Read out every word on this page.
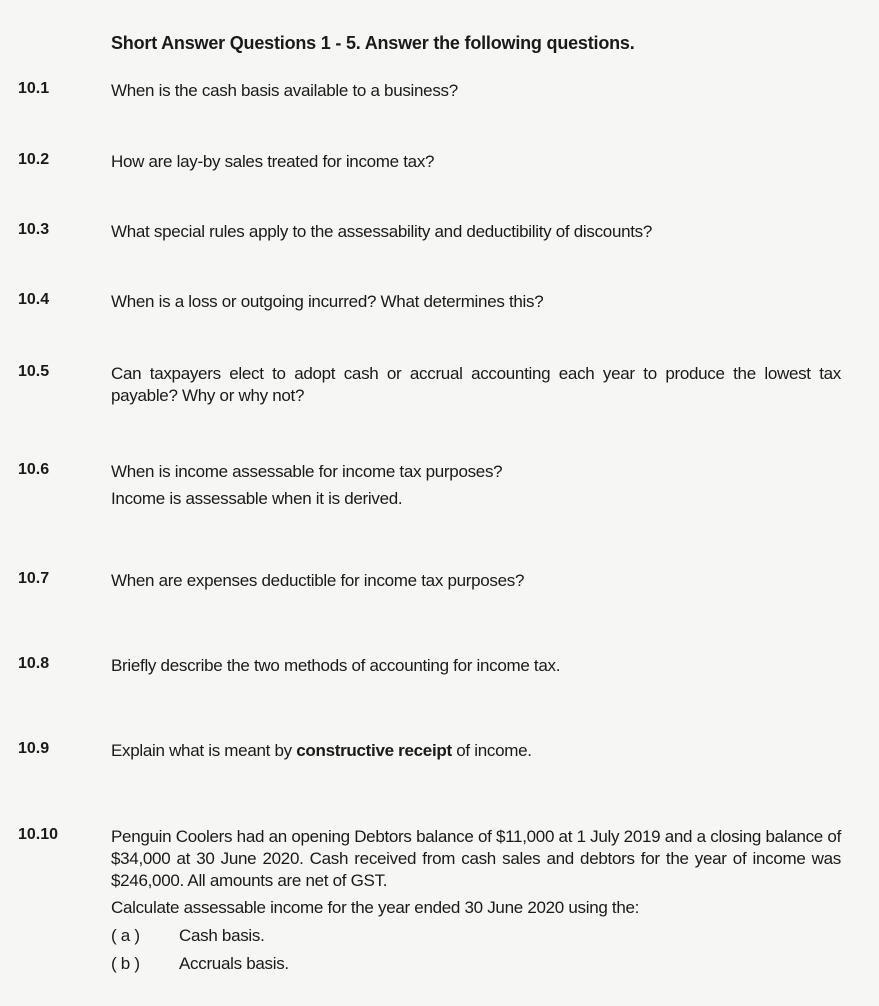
Short Answer Questions 1 - 5. Answer the following questions.
10.1	When is the cash basis available to a business?
10.2	How are lay-by sales treated for income tax?
10.3	What special rules apply to the assessability and deductibility of discounts?
10.4	When is a loss or outgoing incurred? What determines this?
10.5	Can taxpayers elect to adopt cash or accrual accounting each year to produce the lowest tax payable? Why or why not?
10.6	When is income assessable for income tax purposes?
Income is assessable when it is derived.
10.7	When are expenses deductible for income tax purposes?
10.8	Briefly describe the two methods of accounting for income tax.
10.9	Explain what is meant by constructive receipt of income.
10.10	Penguin Coolers had an opening Debtors balance of $11,000 at 1 July 2019 and a closing balance of $34,000 at 30 June 2020. Cash received from cash sales and debtors for the year of income was $246,000. All amounts are net of GST.
Calculate assessable income for the year ended 30 June 2020 using the:
( a ) Cash basis.
( b ) Accruals basis.
